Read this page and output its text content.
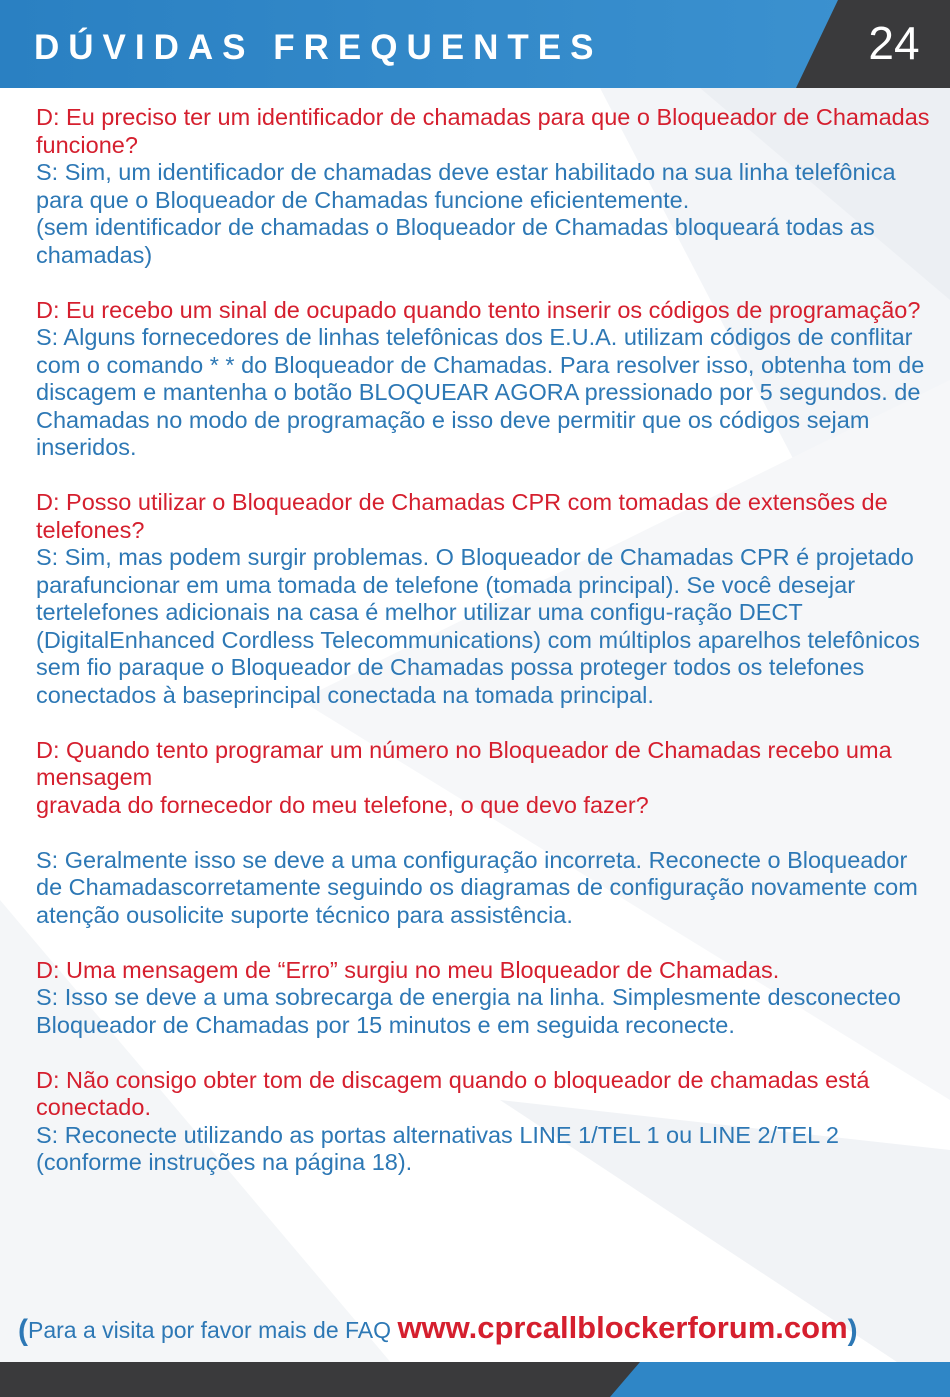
DÚVIDAS FREQUENTES	24
D: Eu preciso ter um identificador de chamadas para que o Bloqueador de Chamadas funcione?
S: Sim, um identificador de chamadas deve estar habilitado na sua linha telefônica para que o Bloqueador de Chamadas funcione eficientemente.
(sem identificador de chamadas o Bloqueador de Chamadas bloqueará todas as chamadas)
D: Eu recebo um sinal de ocupado quando tento inserir os códigos de programação?
S: Alguns fornecedores de linhas telefônicas dos E.U.A. utilizam códigos de conflitar com o comando * * do Bloqueador de Chamadas. Para resolver isso, obtenha tom de discagem e mantenha o botão BLOQUEAR AGORA pressionado por 5 segundos. de Chamadas no modo de programação e isso deve permitir que os códigos sejam inseridos.
D: Posso utilizar o Bloqueador de Chamadas CPR com tomadas de extensões de telefones?
S: Sim, mas podem surgir problemas. O Bloqueador de Chamadas CPR é projetado parafuncionar em uma tomada de telefone (tomada principal). Se você desejar tertelefones adicionais na casa é melhor utilizar uma configu-ração DECT (DigitalEnhanced Cordless Telecommunications) com múltiplos aparelhos telefônicos sem fio paraque o Bloqueador de Chamadas possa proteger todos os telefones conectados à baseprincipal conectada na tomada principal.
D: Quando tento programar um número no Bloqueador de Chamadas recebo uma mensagem
gravada do fornecedor do meu telefone, o que devo fazer?
S: Geralmente isso se deve a uma configuração incorreta. Reconecte o Bloqueador de Chamadascorretamente seguindo os diagramas de configuração novamente com atenção ousolicite suporte técnico para assistência.
D: Uma mensagem de “Erro” surgiu no meu Bloqueador de Chamadas.
S: Isso se deve a uma sobrecarga de energia na linha. Simplesmente desconecteo Bloqueador de Chamadas por 15 minutos e em seguida reconecte.
D: Não consigo obter tom de discagem quando o bloqueador de chamadas está conectado.
S: Reconecte utilizando as portas alternativas LINE 1/TEL 1 ou LINE 2/TEL 2 (conforme instruções na página 18).
(Para a visita por favor mais de FAQ www.cprcallblockerforum.com)
